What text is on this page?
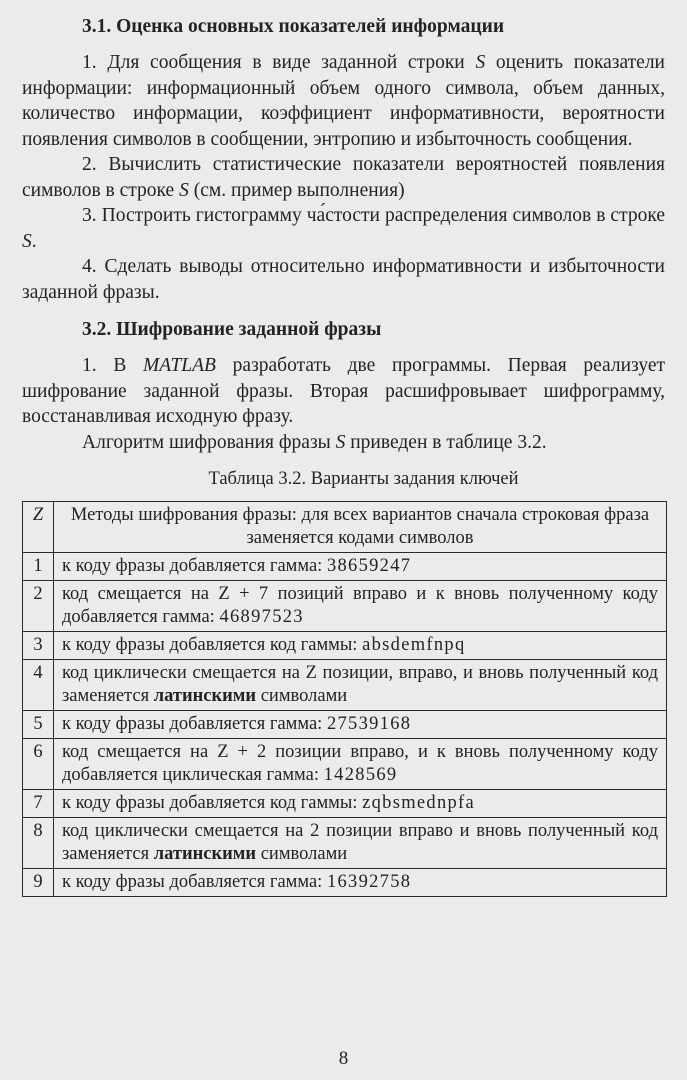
3.1. Оценка основных показателей информации

1. Для сообщения в виде заданной строки S оценить показатели информации: информационный объем одного символа, объем данных, количество информации, коэффициент информативности, вероятности появления символов в сообщении, энтропию и избыточность сообщения.

2. Вычислить статистические показатели вероятностей появления символов в строке S (см. пример выполнения)

3. Построить гистограмму ча́стости распределения символов в строке S.

4. Сделать выводы относительно информативности и избыточности заданной фразы.

3.2. Шифрование заданной фразы

1. В MATLAB разработать две программы. Первая реализует шифрование заданной фразы. Вторая расшифровывает шифрограмму, восстанавливая исходную фразу.

Алгоритм шифрования фразы S приведен в таблице 3.2.

Таблица 3.2. Варианты задания ключей
Z	Методы шифрования фразы: для всех вариантов сначала строковая фраза заменяется кодами символов
1	к коду фразы добавляется гамма: 38659247
2	код смещается на Z + 7 позиций вправо и к вновь полученному коду добавляется гамма: 46897523
3	к коду фразы добавляется код гаммы: absdemfnpq
4	код циклически смещается на Z позиции, вправо, и вновь полученный код заменяется латинскими символами
5	к коду фразы добавляется гамма: 27539168
6	код смещается на Z + 2 позиции вправо, и к вновь полученному коду добавляется циклическая гамма: 1428569
7	к коду фразы добавляется код гаммы: zqbsmednpfa
8	код циклически смещается на 2 позиции вправо и вновь полученный код заменяется латинскими символами
9	к коду фразы добавляется гамма: 16392758
8
